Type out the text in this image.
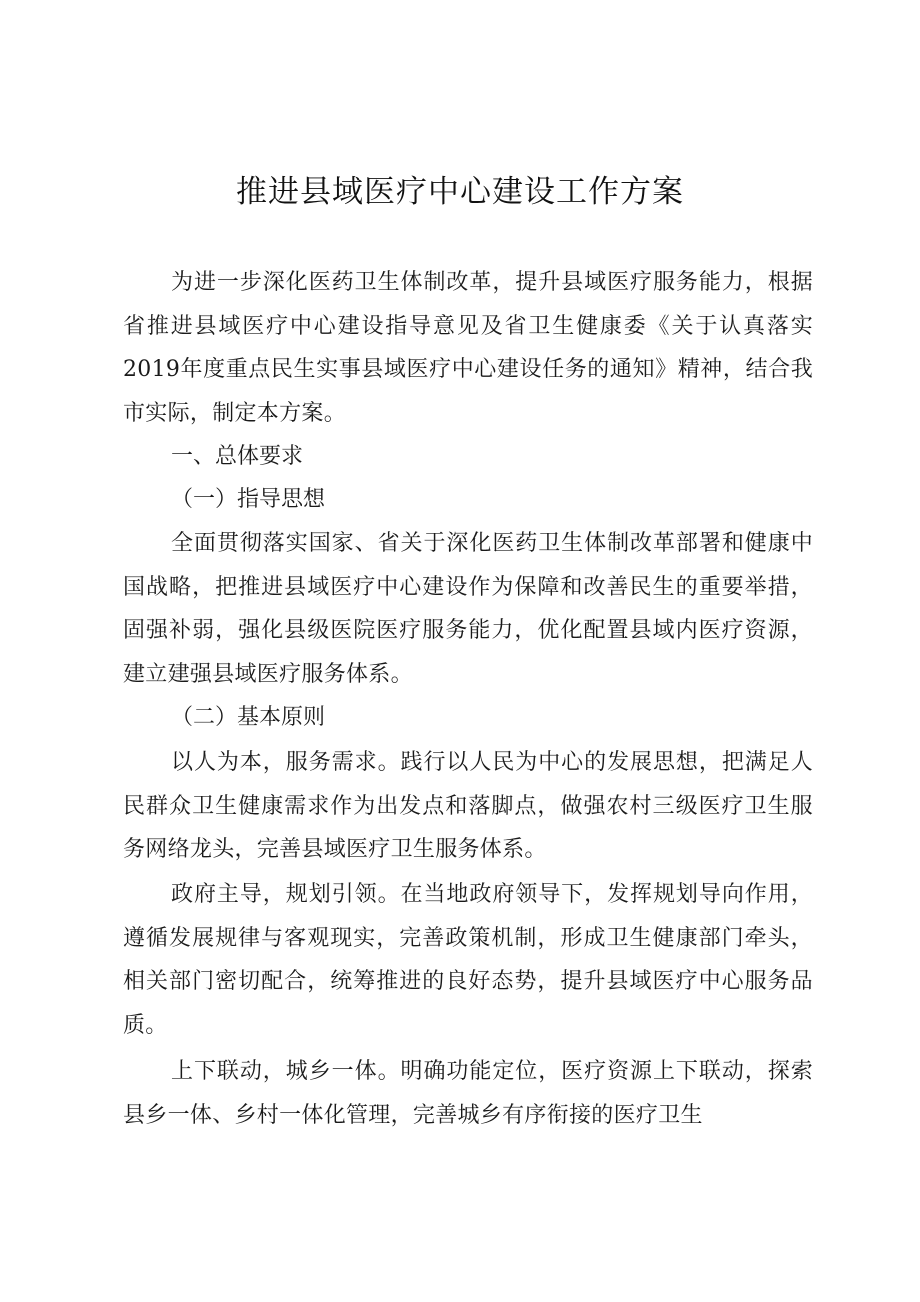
推进县域医疗中心建设工作方案

为进一步深化医药卫生体制改革，提升县域医疗服务能力，根据省推进县域医疗中心建设指导意见及省卫生健康委《关于认真落实2019年度重点民生实事县域医疗中心建设任务的通知》精神，结合我市实际，制定本方案。

一、总体要求
（一）指导思想

全面贯彻落实国家、省关于深化医药卫生体制改革部署和健康中国战略，把推进县域医疗中心建设作为保障和改善民生的重要举措，固强补弱，强化县级医院医疗服务能力，优化配置县域内医疗资源，建立建强县域医疗服务体系。

（二）基本原则

以人为本，服务需求。践行以人民为中心的发展思想，把满足人民群众卫生健康需求作为出发点和落脚点，做强农村三级医疗卫生服务网络龙头，完善县域医疗卫生服务体系。

政府主导，规划引领。在当地政府领导下，发挥规划导向作用，遵循发展规律与客观现实，完善政策机制，形成卫生健康部门牵头，相关部门密切配合，统筹推进的良好态势，提升县域医疗中心服务品质。

上下联动，城乡一体。明确功能定位，医疗资源上下联动，探索县乡一体、乡村一体化管理，完善城乡有序衔接的医疗卫生
